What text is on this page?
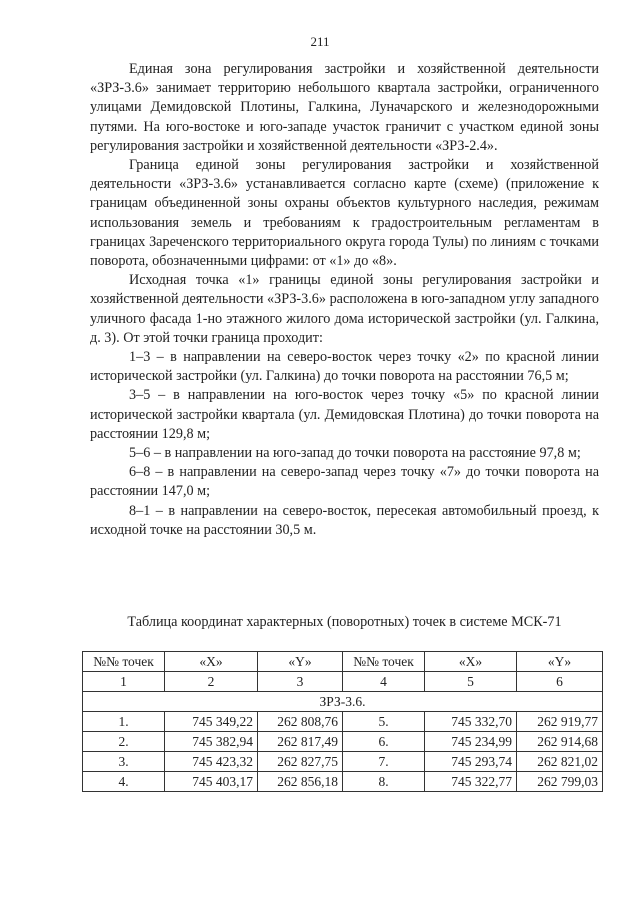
211

Единая зона регулирования застройки и хозяйственной деятельности «ЗРЗ-3.6» занимает территорию небольшого квартала застройки, ограниченного улицами Демидовской Плотины, Галкина, Луначарского и железнодорожными путями. На юго-востоке и юго-западе участок граничит с участком единой зоны регулирования застройки и хозяйственной деятельности «ЗРЗ-2.4».

Граница единой зоны регулирования застройки и хозяйственной деятельности «ЗРЗ-3.6» устанавливается согласно карте (схеме) (приложение к границам объединенной зоны охраны объектов культурного наследия, режимам использования земель и требованиям к градостроительным регламентам в границах Зареченского территориального округа города Тулы) по линиям с точками поворота, обозначенными цифрами: от «1» до «8».

Исходная точка «1» границы единой зоны регулирования застройки и хозяйственной деятельности «ЗРЗ-3.6» расположена в юго-западном углу западного уличного фасада 1-но этажного жилого дома исторической застройки (ул. Галкина, д. 3). От этой точки граница проходит:

1–3 – в направлении на северо-восток через точку «2» по красной линии исторической застройки (ул. Галкина) до точки поворота на расстоянии 76,5 м;

3–5 – в направлении на юго-восток через точку «5» по красной линии исторической застройки квартала (ул. Демидовская Плотина) до точки поворота на расстоянии 129,8 м;

5–6 – в направлении на юго-запад до точки поворота на расстояние 97,8 м;

6–8 – в направлении на северо-запад через точку «7» до точки поворота на расстоянии 147,0 м;

8–1 – в направлении на северо-восток, пересекая автомобильный проезд, к исходной точке на расстоянии 30,5 м.

Таблица координат характерных (поворотных) точек в системе МСК-71
№№ точек	«X»	«Y»	№№ точек	«X»	«Y»
1	2	3	4	5	6
ЗРЗ-3.6.					
1.	745 349,22	262 808,76	5.	745 332,70	262 919,77
2.	745 382,94	262 817,49	6.	745 234,99	262 914,68
3.	745 423,32	262 827,75	7.	745 293,74	262 821,02
4.	745 403,17	262 856,18	8.	745 322,77	262 799,03
